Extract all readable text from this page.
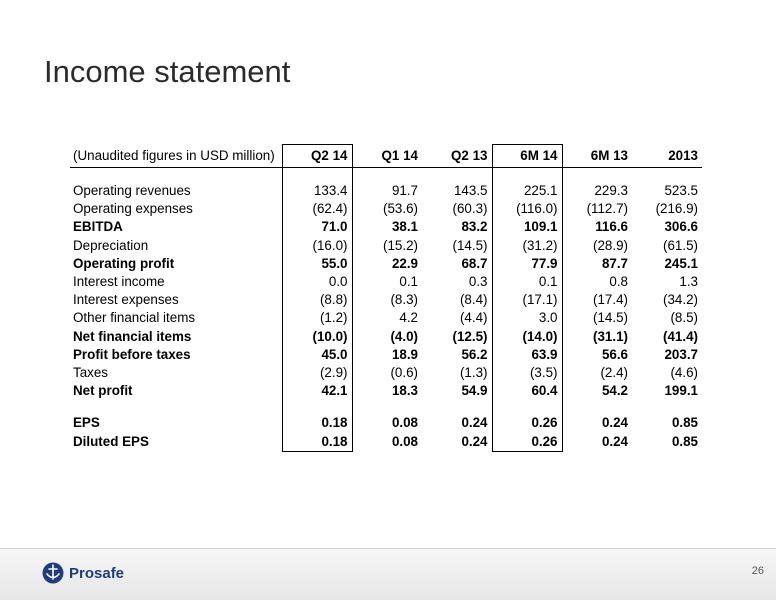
Income statement
(Unaudited figures in USD million)	Q2 14	Q1 14	Q2 13	6M 14	6M 13	2013

Operating revenues	133.4	91.7	143.5	225.1	229.3	523.5
Operating expenses	(62.4)	(53.6)	(60.3)	(116.0)	(112.7)	(216.9)
EBITDA	71.0	38.1	83.2	109.1	116.6	306.6
Depreciation	(16.0)	(15.2)	(14.5)	(31.2)	(28.9)	(61.5)
Operating profit	55.0	22.9	68.7	77.9	87.7	245.1
Interest income	0.0	0.1	0.3	0.1	0.8	1.3
Interest expenses	(8.8)	(8.3)	(8.4)	(17.1)	(17.4)	(34.2)
Other financial items	(1.2)	4.2	(4.4)	3.0	(14.5)	(8.5)
Net financial items	(10.0)	(4.0)	(12.5)	(14.0)	(31.1)	(41.4)
Profit before taxes	45.0	18.9	56.2	63.9	56.6	203.7
Taxes	(2.9)	(0.6)	(1.3)	(3.5)	(2.4)	(4.6)
Net profit	42.1	18.3	54.9	60.4	54.2	199.1

EPS	0.18	0.08	0.24	0.26	0.24	0.85
Diluted EPS	0.18	0.08	0.24	0.26	0.24	0.85
Prosafe	26
